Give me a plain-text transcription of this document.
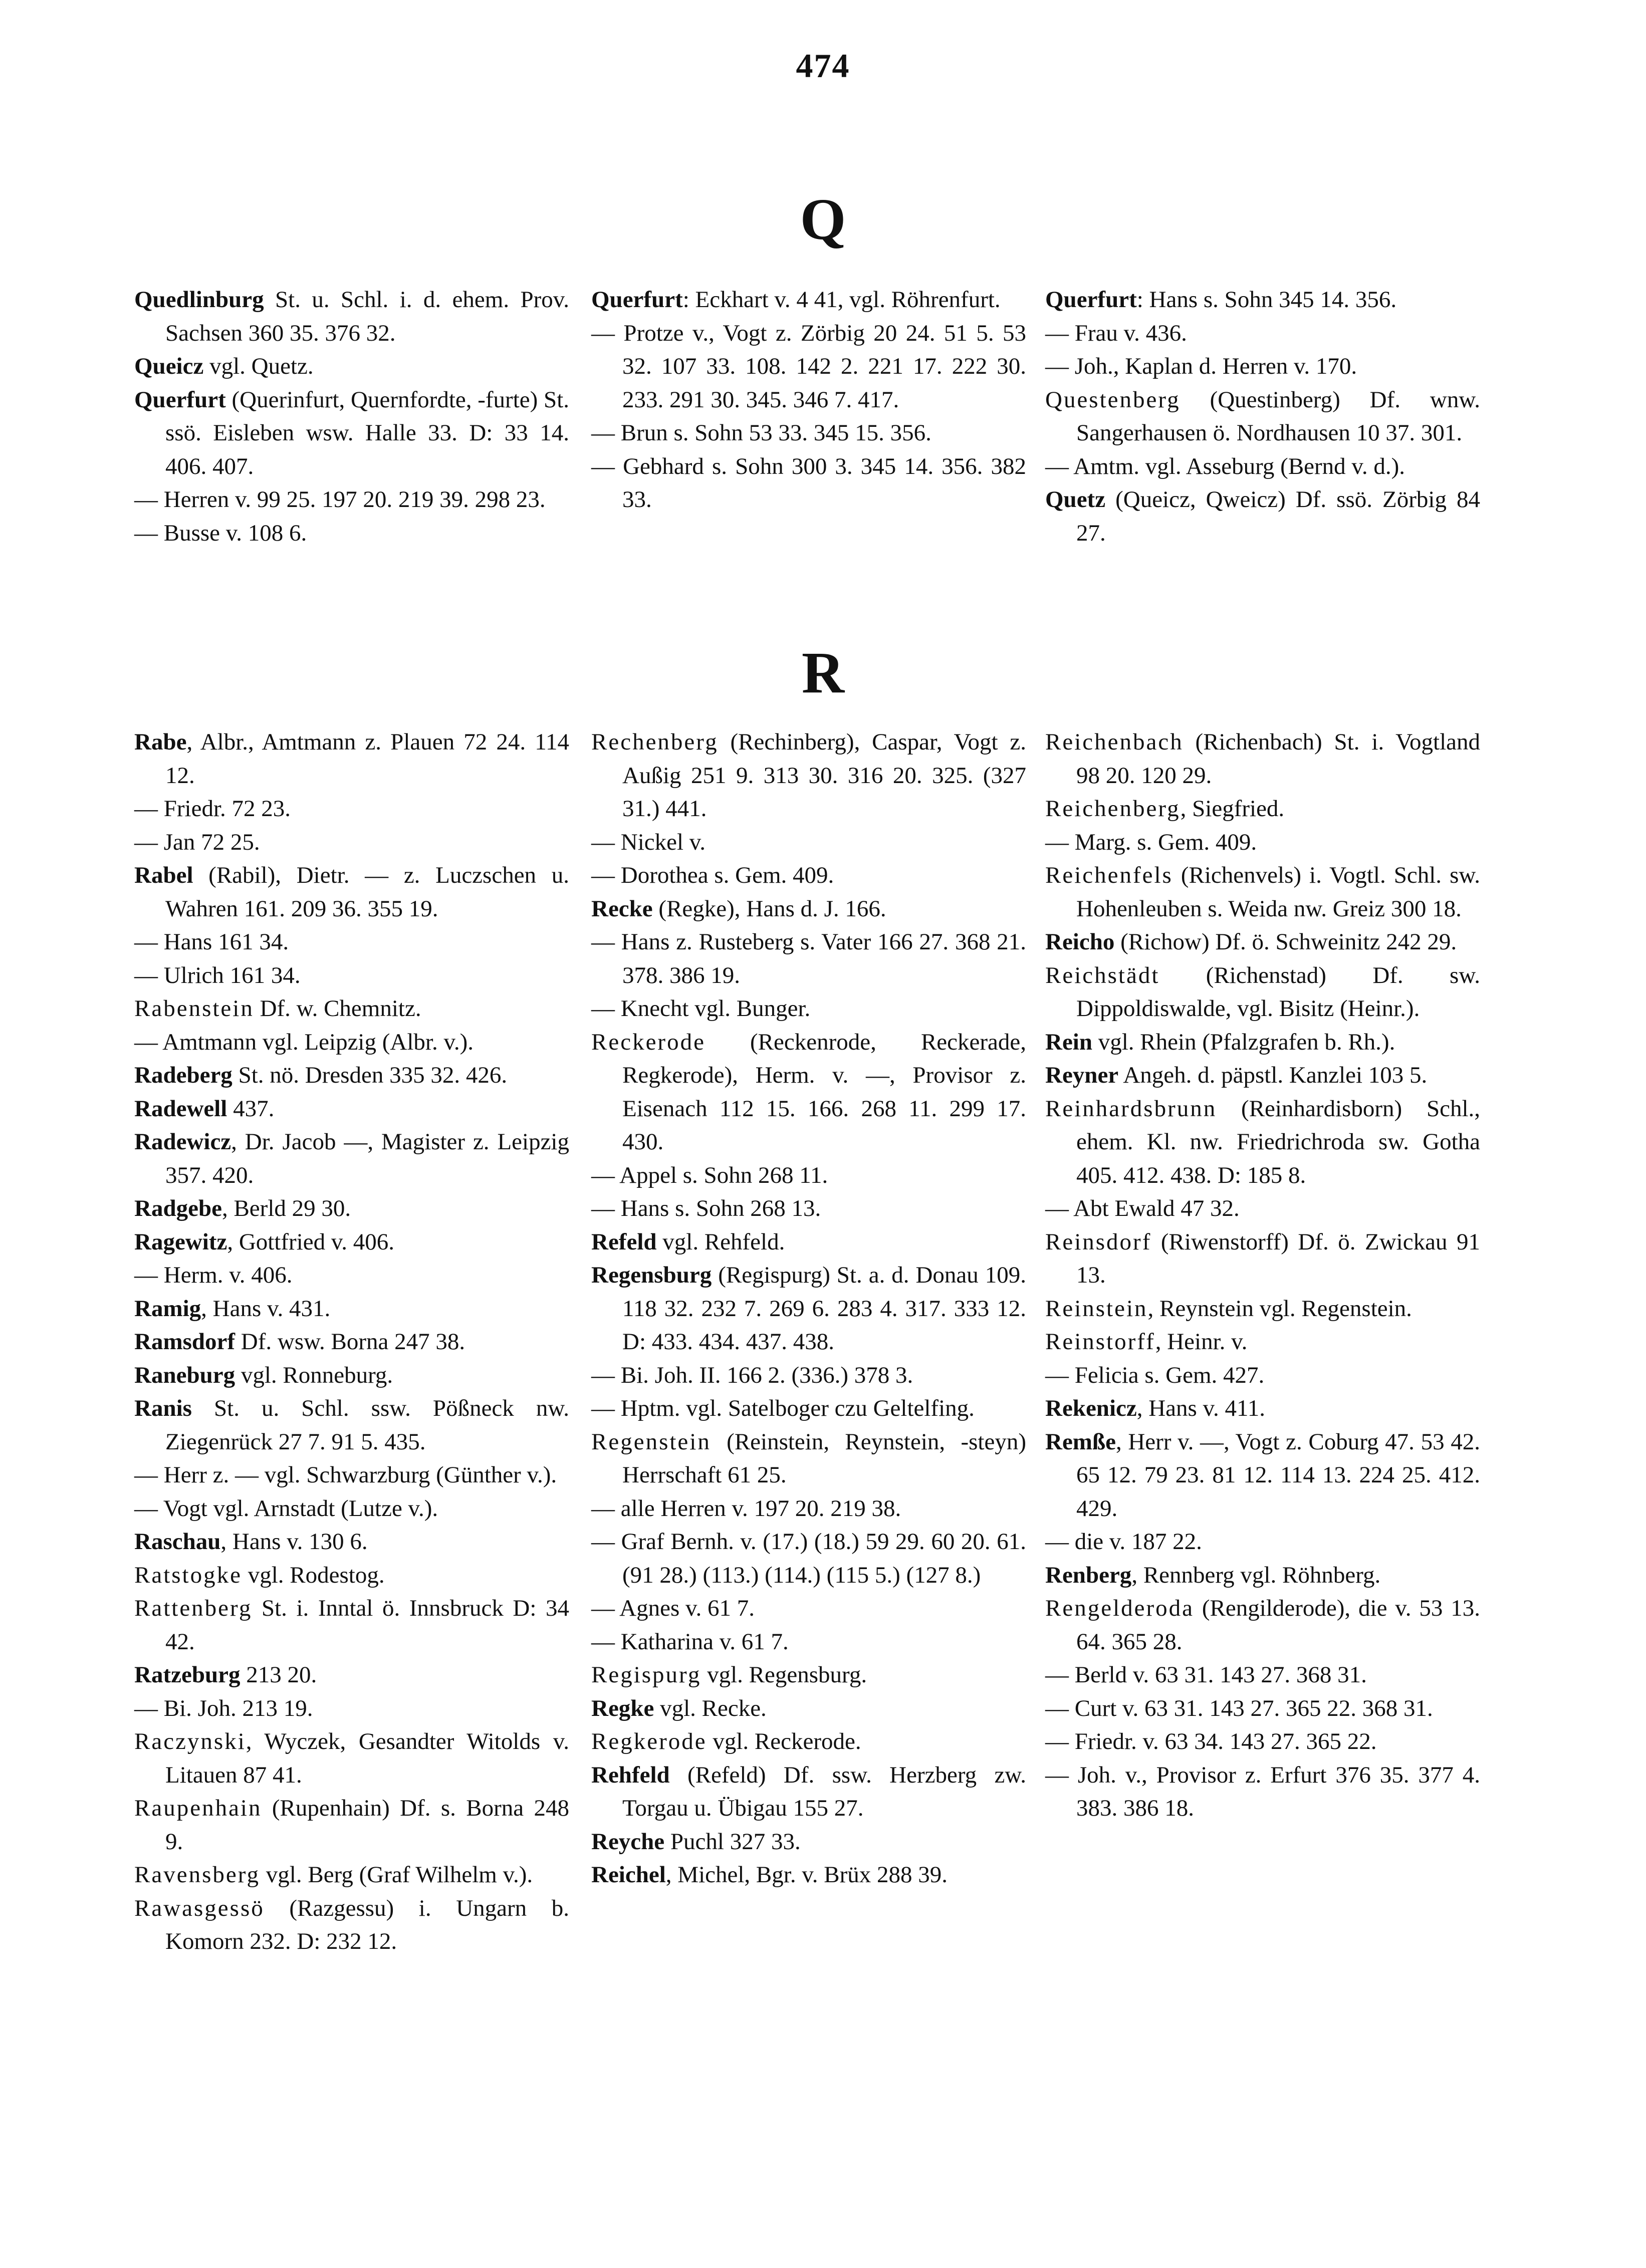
474
Q

Quedlinburg St. u. Schl. i. d. ehem. Prov. Sachsen 360 35. 376 32.

Queicz vgl. Quetz.

Querfurt (Querinfurt, Quernfordte, -furte) St. ssö. Eisleben wsw. Halle 33. D: 33 14. 406. 407.

— Herren v. 99 25. 197 20. 219 39. 298 23.

— Busse v. 108 6.

Querfurt: Eckhart v. 4 41, vgl. Röhrenfurt.

— Protze v., Vogt z. Zörbig 20 24. 51 5. 53 32. 107 33. 108. 142 2. 221 17. 222 30. 233. 291 30. 345. 346 7. 417.

— Brun s. Sohn 53 33. 345 15. 356.

— Gebhard s. Sohn 300 3. 345 14. 356. 382 33.

Querfurt: Hans s. Sohn 345 14. 356.

— Frau v. 436.

— Joh., Kaplan d. Herren v. 170.

Questenberg (Questinberg) Df. wnw. Sangerhausen ö. Nordhausen 10 37. 301.

— Amtm. vgl. Asseburg (Bernd v. d.).

Quetz (Queicz, Qweicz) Df. ssö. Zörbig 84 27.

R

Rabe, Albr., Amtmann z. Plauen 72 24. 114 12.

— Friedr. 72 23.

— Jan 72 25.

Rabel (Rabil), Dietr. — z. Luczschen u. Wahren 161. 209 36. 355 19.

— Hans 161 34.

— Ulrich 161 34.

Rabenstein Df. w. Chemnitz.

— Amtmann vgl. Leipzig (Albr. v.).

Radeberg St. nö. Dresden 335 32. 426.

Radewell 437.

Radewicz, Dr. Jacob —, Magister z. Leipzig 357. 420.

Radgebe, Berld 29 30.

Ragewitz, Gottfried v. 406.

— Herm. v. 406.

Ramig, Hans v. 431.

Ramsdorf Df. wsw. Borna 247 38.

Raneburg vgl. Ronneburg.

Ranis St. u. Schl. ssw. Pößneck nw. Ziegenrück 27 7. 91 5. 435.

— Herr z. — vgl. Schwarzburg (Günther v.).

— Vogt vgl. Arnstadt (Lutze v.).

Raschau, Hans v. 130 6.

Ratstogke vgl. Rodestog.

Rattenberg St. i. Inntal ö. Innsbruck D: 34 42.

Ratzeburg 213 20.

— Bi. Joh. 213 19.

Raczynski, Wyczek, Gesandter Witolds v. Litauen 87 41.

Raupenhain (Rupenhain) Df. s. Borna 248 9.

Ravensberg vgl. Berg (Graf Wilhelm v.).

Rawasgessö (Razgessu) i. Ungarn b. Komorn 232. D: 232 12.

Rechenberg (Rechinberg), Caspar, Vogt z. Außig 251 9. 313 30. 316 20. 325. (327 31.) 441.

— Nickel v.

— Dorothea s. Gem. 409.

Recke (Regke), Hans d. J. 166.

— Hans z. Rusteberg s. Vater 166 27. 368 21. 378. 386 19.

— Knecht vgl. Bunger.

Reckerode (Reckenrode, Reckerade, Regkerode), Herm. v. —, Provisor z. Eisenach 112 15. 166. 268 11. 299 17. 430.

— Appel s. Sohn 268 11.

— Hans s. Sohn 268 13.

Refeld vgl. Rehfeld.

Regensburg (Regispurg) St. a. d. Donau 109. 118 32. 232 7. 269 6. 283 4. 317. 333 12. D: 433. 434. 437. 438.

— Bi. Joh. II. 166 2. (336.) 378 3.

— Hptm. vgl. Satelboger czu Geltelfing.

Regenstein (Reinstein, Reynstein, -steyn) Herrschaft 61 25.

— alle Herren v. 197 20. 219 38.

— Graf Bernh. v. (17.) (18.) 59 29. 60 20. 61. (91 28.) (113.) (114.) (115 5.) (127 8.)

— Agnes v. 61 7.

— Katharina v. 61 7.

Regispurg vgl. Regensburg.

Regke vgl. Recke.

Regkerode vgl. Reckerode.

Rehfeld (Refeld) Df. ssw. Herzberg zw. Torgau u. Übigau 155 27.

Reyche Puchl 327 33.

Reichel, Michel, Bgr. v. Brüx 288 39.

Reichenbach (Richenbach) St. i. Vogtland 98 20. 120 29.

Reichenberg, Siegfried.

— Marg. s. Gem. 409.

Reichenfels (Richenvels) i. Vogtl. Schl. sw. Hohenleuben s. Weida nw. Greiz 300 18.

Reicho (Richow) Df. ö. Schweinitz 242 29.

Reichstädt (Richenstad) Df. sw. Dippoldiswalde, vgl. Bisitz (Heinr.).

Rein vgl. Rhein (Pfalzgrafen b. Rh.).

Reyner Angeh. d. päpstl. Kanzlei 103 5.

Reinhardsbrunn (Reinhardisborn) Schl., ehem. Kl. nw. Friedrichroda sw. Gotha 405. 412. 438. D: 185 8.

— Abt Ewald 47 32.

Reinsdorf (Riwenstorff) Df. ö. Zwickau 91 13.

Reinstein, Reynstein vgl. Regenstein.

Reinstorff, Heinr. v.

— Felicia s. Gem. 427.

Rekenicz, Hans v. 411.

Remße, Herr v. —, Vogt z. Coburg 47. 53 42. 65 12. 79 23. 81 12. 114 13. 224 25. 412. 429.

— die v. 187 22.

Renberg, Rennberg vgl. Röhnberg.

Rengelderoda (Rengilderode), die v. 53 13. 64. 365 28.

— Berld v. 63 31. 143 27. 368 31.

— Curt v. 63 31. 143 27. 365 22. 368 31.

— Friedr. v. 63 34. 143 27. 365 22.

— Joh. v., Provisor z. Erfurt 376 35. 377 4. 383. 386 18.
